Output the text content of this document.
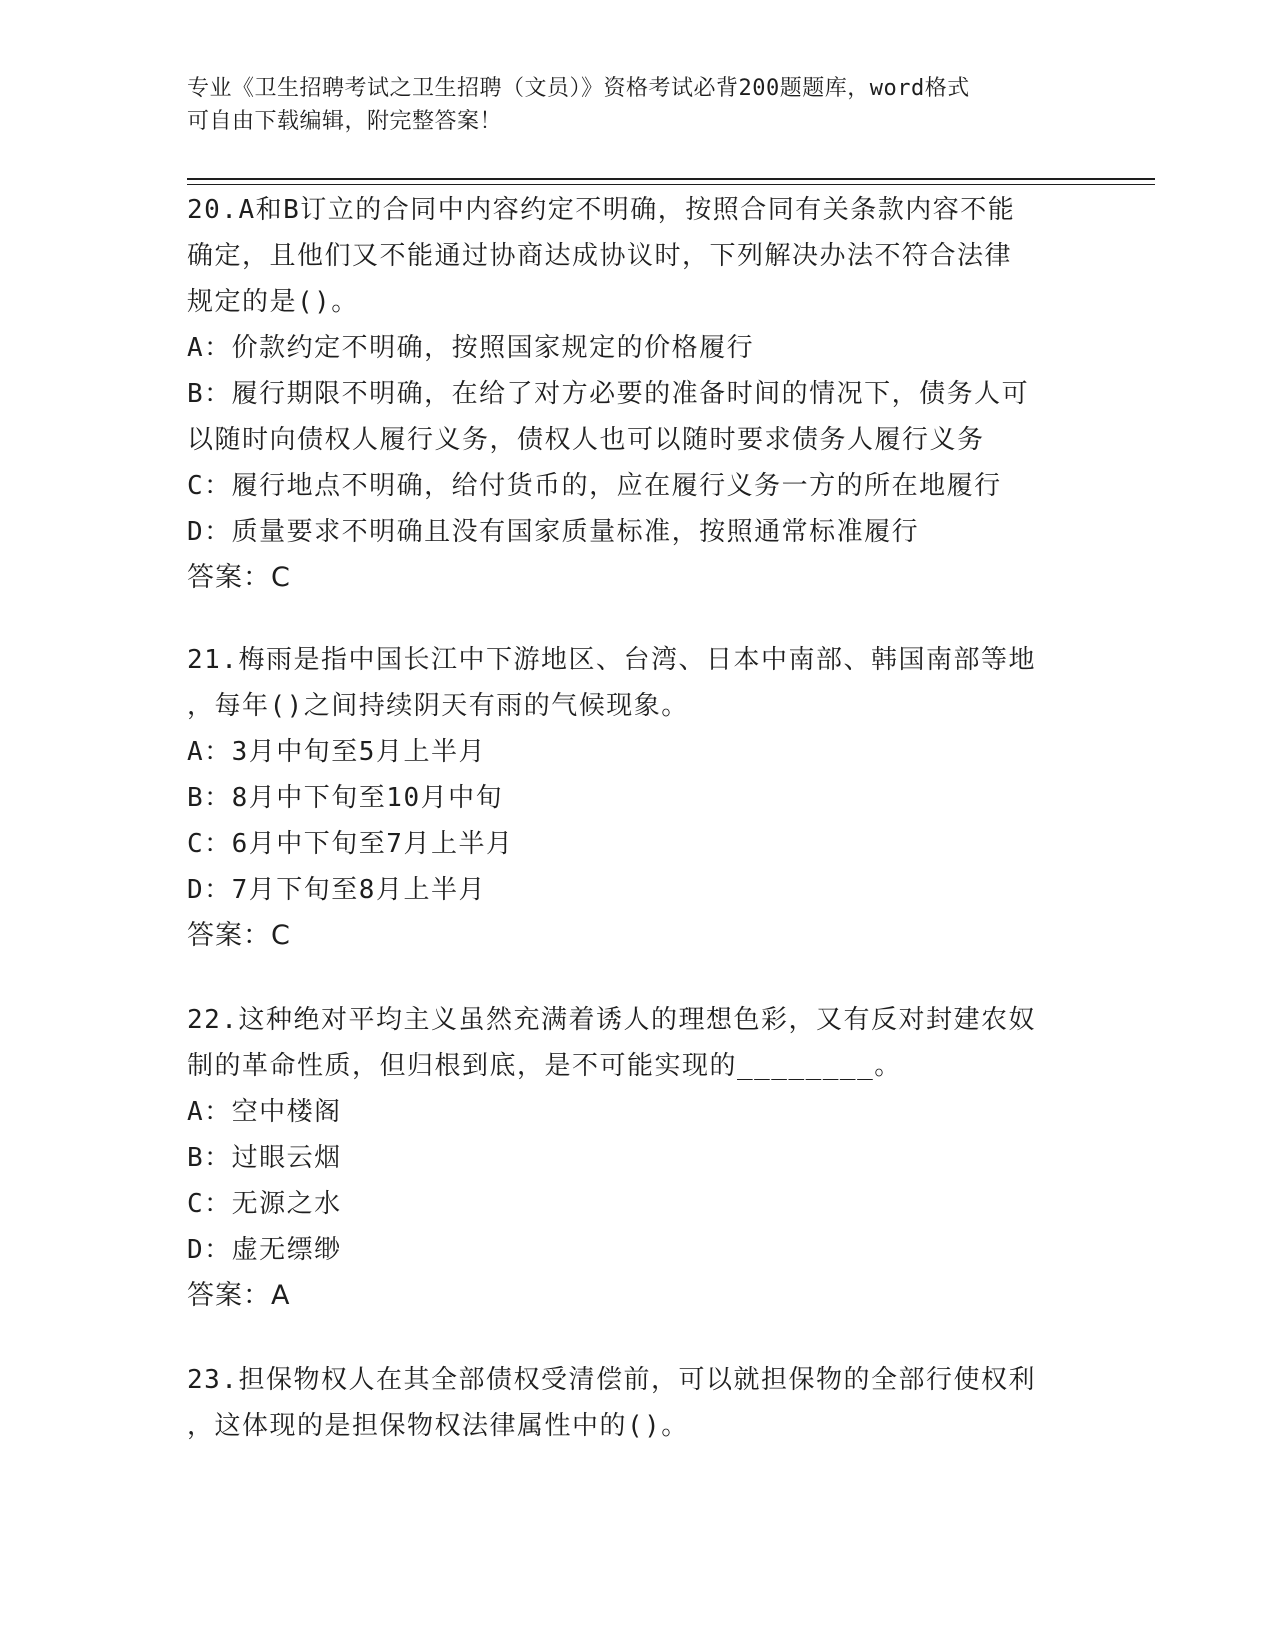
专业《卫生招聘考试之卫生招聘（文员）》资格考试必背200题题库，word格式
可自由下载编辑，附完整答案！
20.A和B订立的合同中内容约定不明确，按照合同有关条款内容不能
确定，且他们又不能通过协商达成协议时，下列解决办法不符合法律
规定的是()。
A：价款约定不明确，按照国家规定的价格履行
B：履行期限不明确，在给了对方必要的准备时间的情况下，债务人可
以随时向债权人履行义务，债权人也可以随时要求债务人履行义务
C：履行地点不明确，给付货币的，应在履行义务一方的所在地履行
D：质量要求不明确且没有国家质量标准，按照通常标准履行
答案：C
21.梅雨是指中国长江中下游地区、台湾、日本中南部、韩国南部等地
，每年()之间持续阴天有雨的气候现象。
A：3月中旬至5月上半月
B：8月中下旬至10月中旬
C：6月中下旬至7月上半月
D：7月下旬至8月上半月
答案：C
22.这种绝对平均主义虽然充满着诱人的理想色彩，又有反对封建农奴
制的革命性质，但归根到底，是不可能实现的________。
A：空中楼阁
B：过眼云烟
C：无源之水
D：虚无缥缈
答案：A
23.担保物权人在其全部债权受清偿前，可以就担保物的全部行使权利
，这体现的是担保物权法律属性中的()。
